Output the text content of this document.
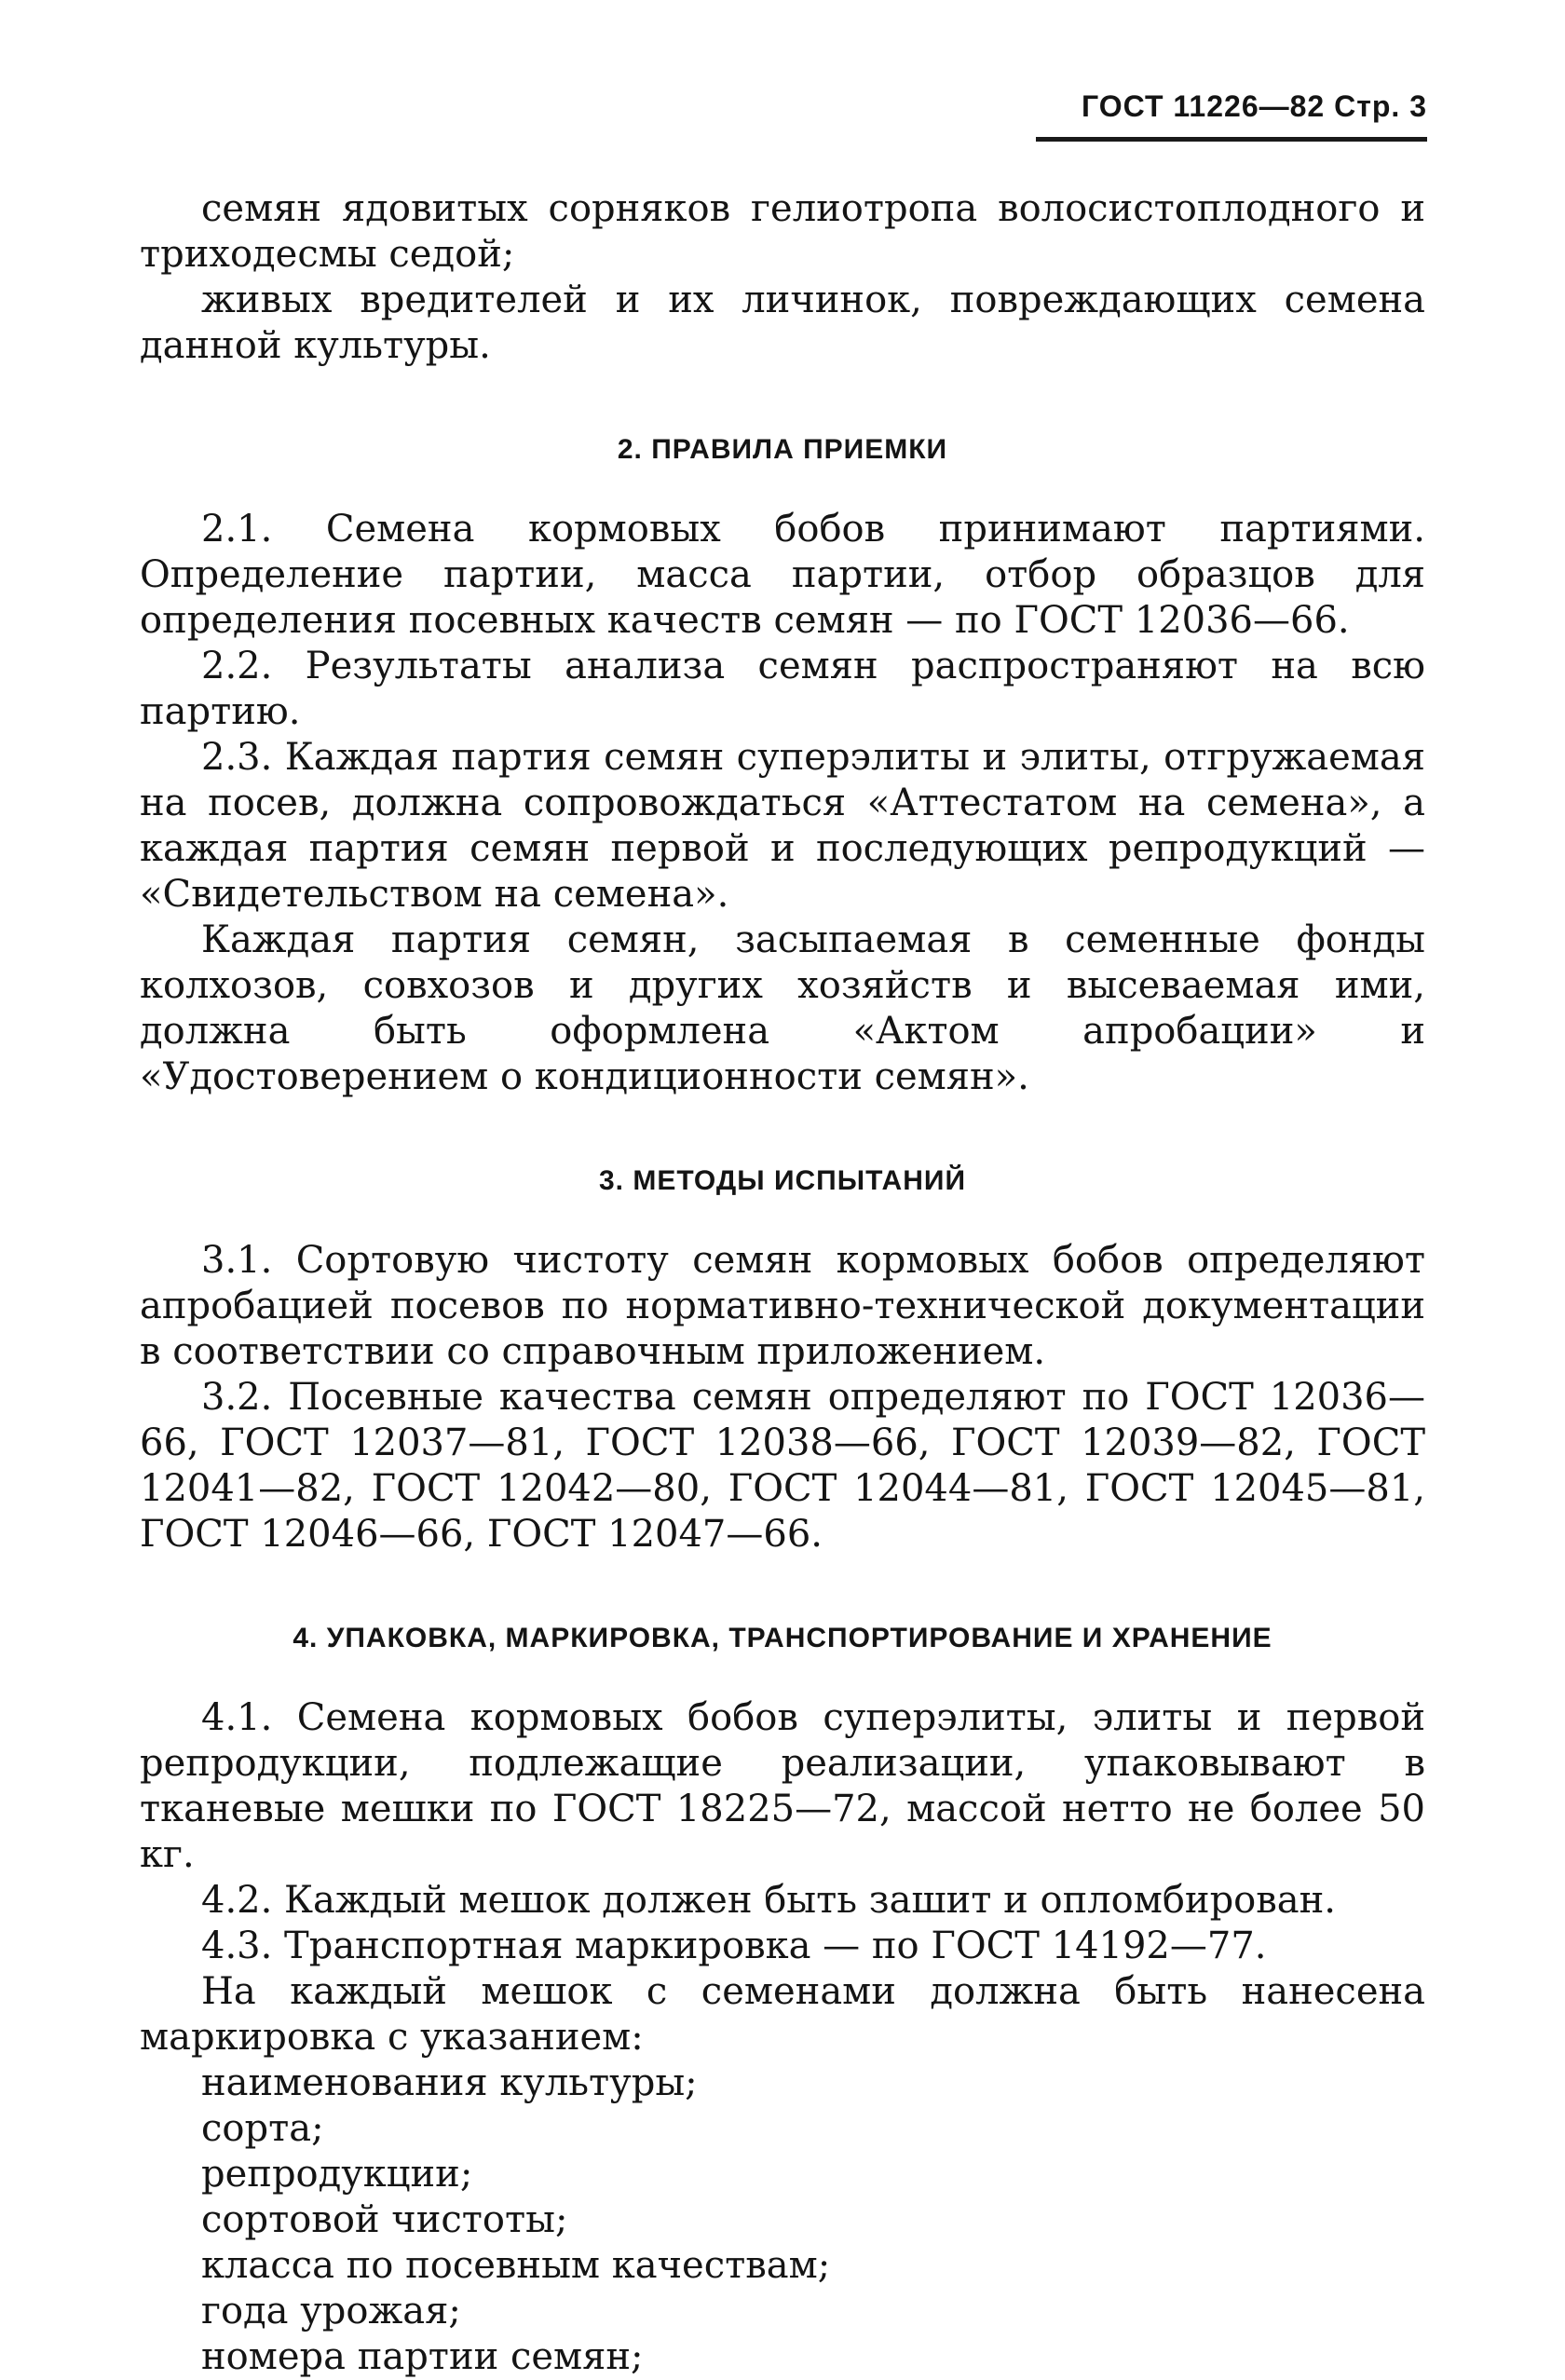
ГОСТ 11226—82 Стр. 3

семян ядовитых сорняков гелиотропа волосистоплодного и триходесмы седой;

живых вредителей и их личинок, повреждающих семена данной культуры.

2. ПРАВИЛА ПРИЕМКИ

2.1. Семена кормовых бобов принимают партиями. Определение партии, масса партии, отбор образцов для определения посевных качеств семян — по ГОСТ 12036—66.

2.2. Результаты анализа семян распространяют на всю партию.

2.3. Каждая партия семян суперэлиты и элиты, отгружаемая на посев, должна сопровождаться «Аттестатом на семена», а каждая партия семян первой и последующих репродукций — «Свидетельством на семена».

Каждая партия семян, засыпаемая в семенные фонды колхозов, совхозов и других хозяйств и высеваемая ими, должна быть оформлена «Актом апробации» и «Удостоверением о кондиционности семян».

3. МЕТОДЫ ИСПЫТАНИЙ

3.1. Сортовую чистоту семян кормовых бобов определяют апробацией посевов по нормативно-технической документации в соответствии со справочным приложением.

3.2. Посевные качества семян определяют по ГОСТ 12036—66, ГОСТ 12037—81, ГОСТ 12038—66, ГОСТ 12039—82, ГОСТ 12041—82, ГОСТ 12042—80, ГОСТ 12044—81, ГОСТ 12045—81, ГОСТ 12046—66, ГОСТ 12047—66.

4. УПАКОВКА, МАРКИРОВКА, ТРАНСПОРТИРОВАНИЕ И ХРАНЕНИЕ

4.1. Семена кормовых бобов суперэлиты, элиты и первой репродукции, подлежащие реализации, упаковывают в тканевые мешки по ГОСТ 18225—72, массой нетто не более 50 кг.

4.2. Каждый мешок должен быть зашит и опломбирован.

4.3. Транспортная маркировка — по ГОСТ 14192—77.

На каждый мешок с семенами должна быть нанесена маркировка с указанием:

наименования культуры;
сорта;
репродукции;
сортовой чистоты;
класса по посевным качествам;
года урожая;
номера партии семян;
